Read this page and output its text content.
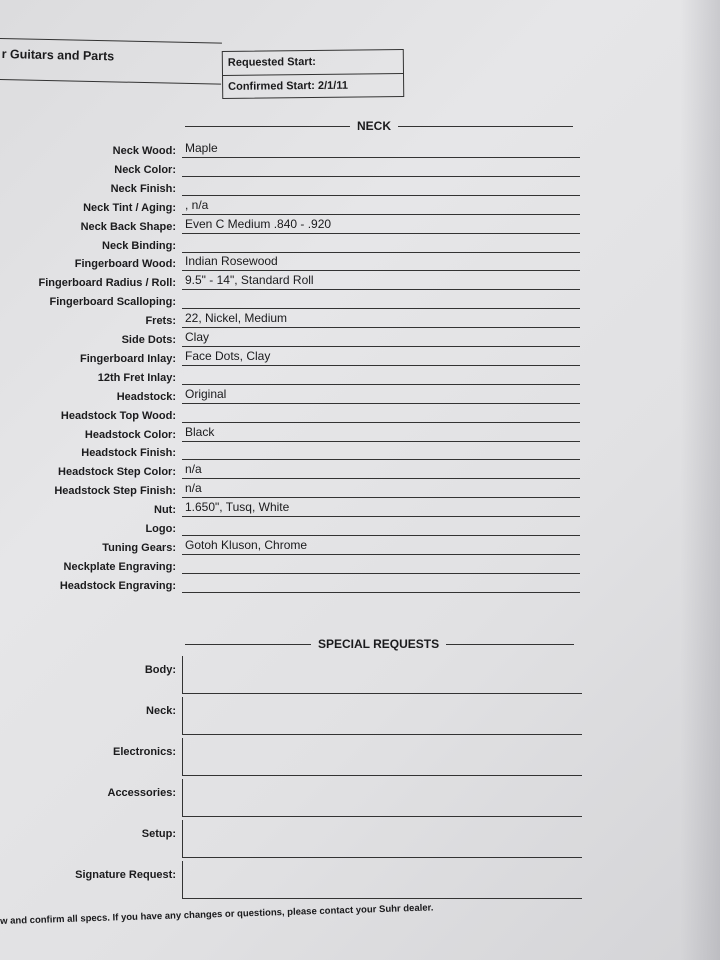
r Guitars and Parts	Requested Start:
Confirmed Start: 2/1/11
NECK
Neck Wood: Maple
Neck Color:
Neck Finish:
Neck Tint / Aging: , n/a
Neck Back Shape: Even C Medium .840 - .920
Neck Binding:
Fingerboard Wood: Indian Rosewood
Fingerboard Radius / Roll: 9.5" - 14", Standard Roll
Fingerboard Scalloping:
Frets: 22, Nickel, Medium
Side Dots: Clay
Fingerboard Inlay: Face Dots, Clay
12th Fret Inlay:
Headstock: Original
Headstock Top Wood:
Headstock Color: Black
Headstock Finish:
Headstock Step Color: n/a
Headstock Step Finish: n/a
Nut: 1.650", Tusq, White
Logo:
Tuning Gears: Gotoh Kluson, Chrome
Neckplate Engraving:
Headstock Engraving:
SPECIAL REQUESTS
Body:
Neck:
Electronics:
Accessories:
Setup:
Signature Request:
w and confirm all specs. If you have any changes or questions, please contact your Suhr dealer.
